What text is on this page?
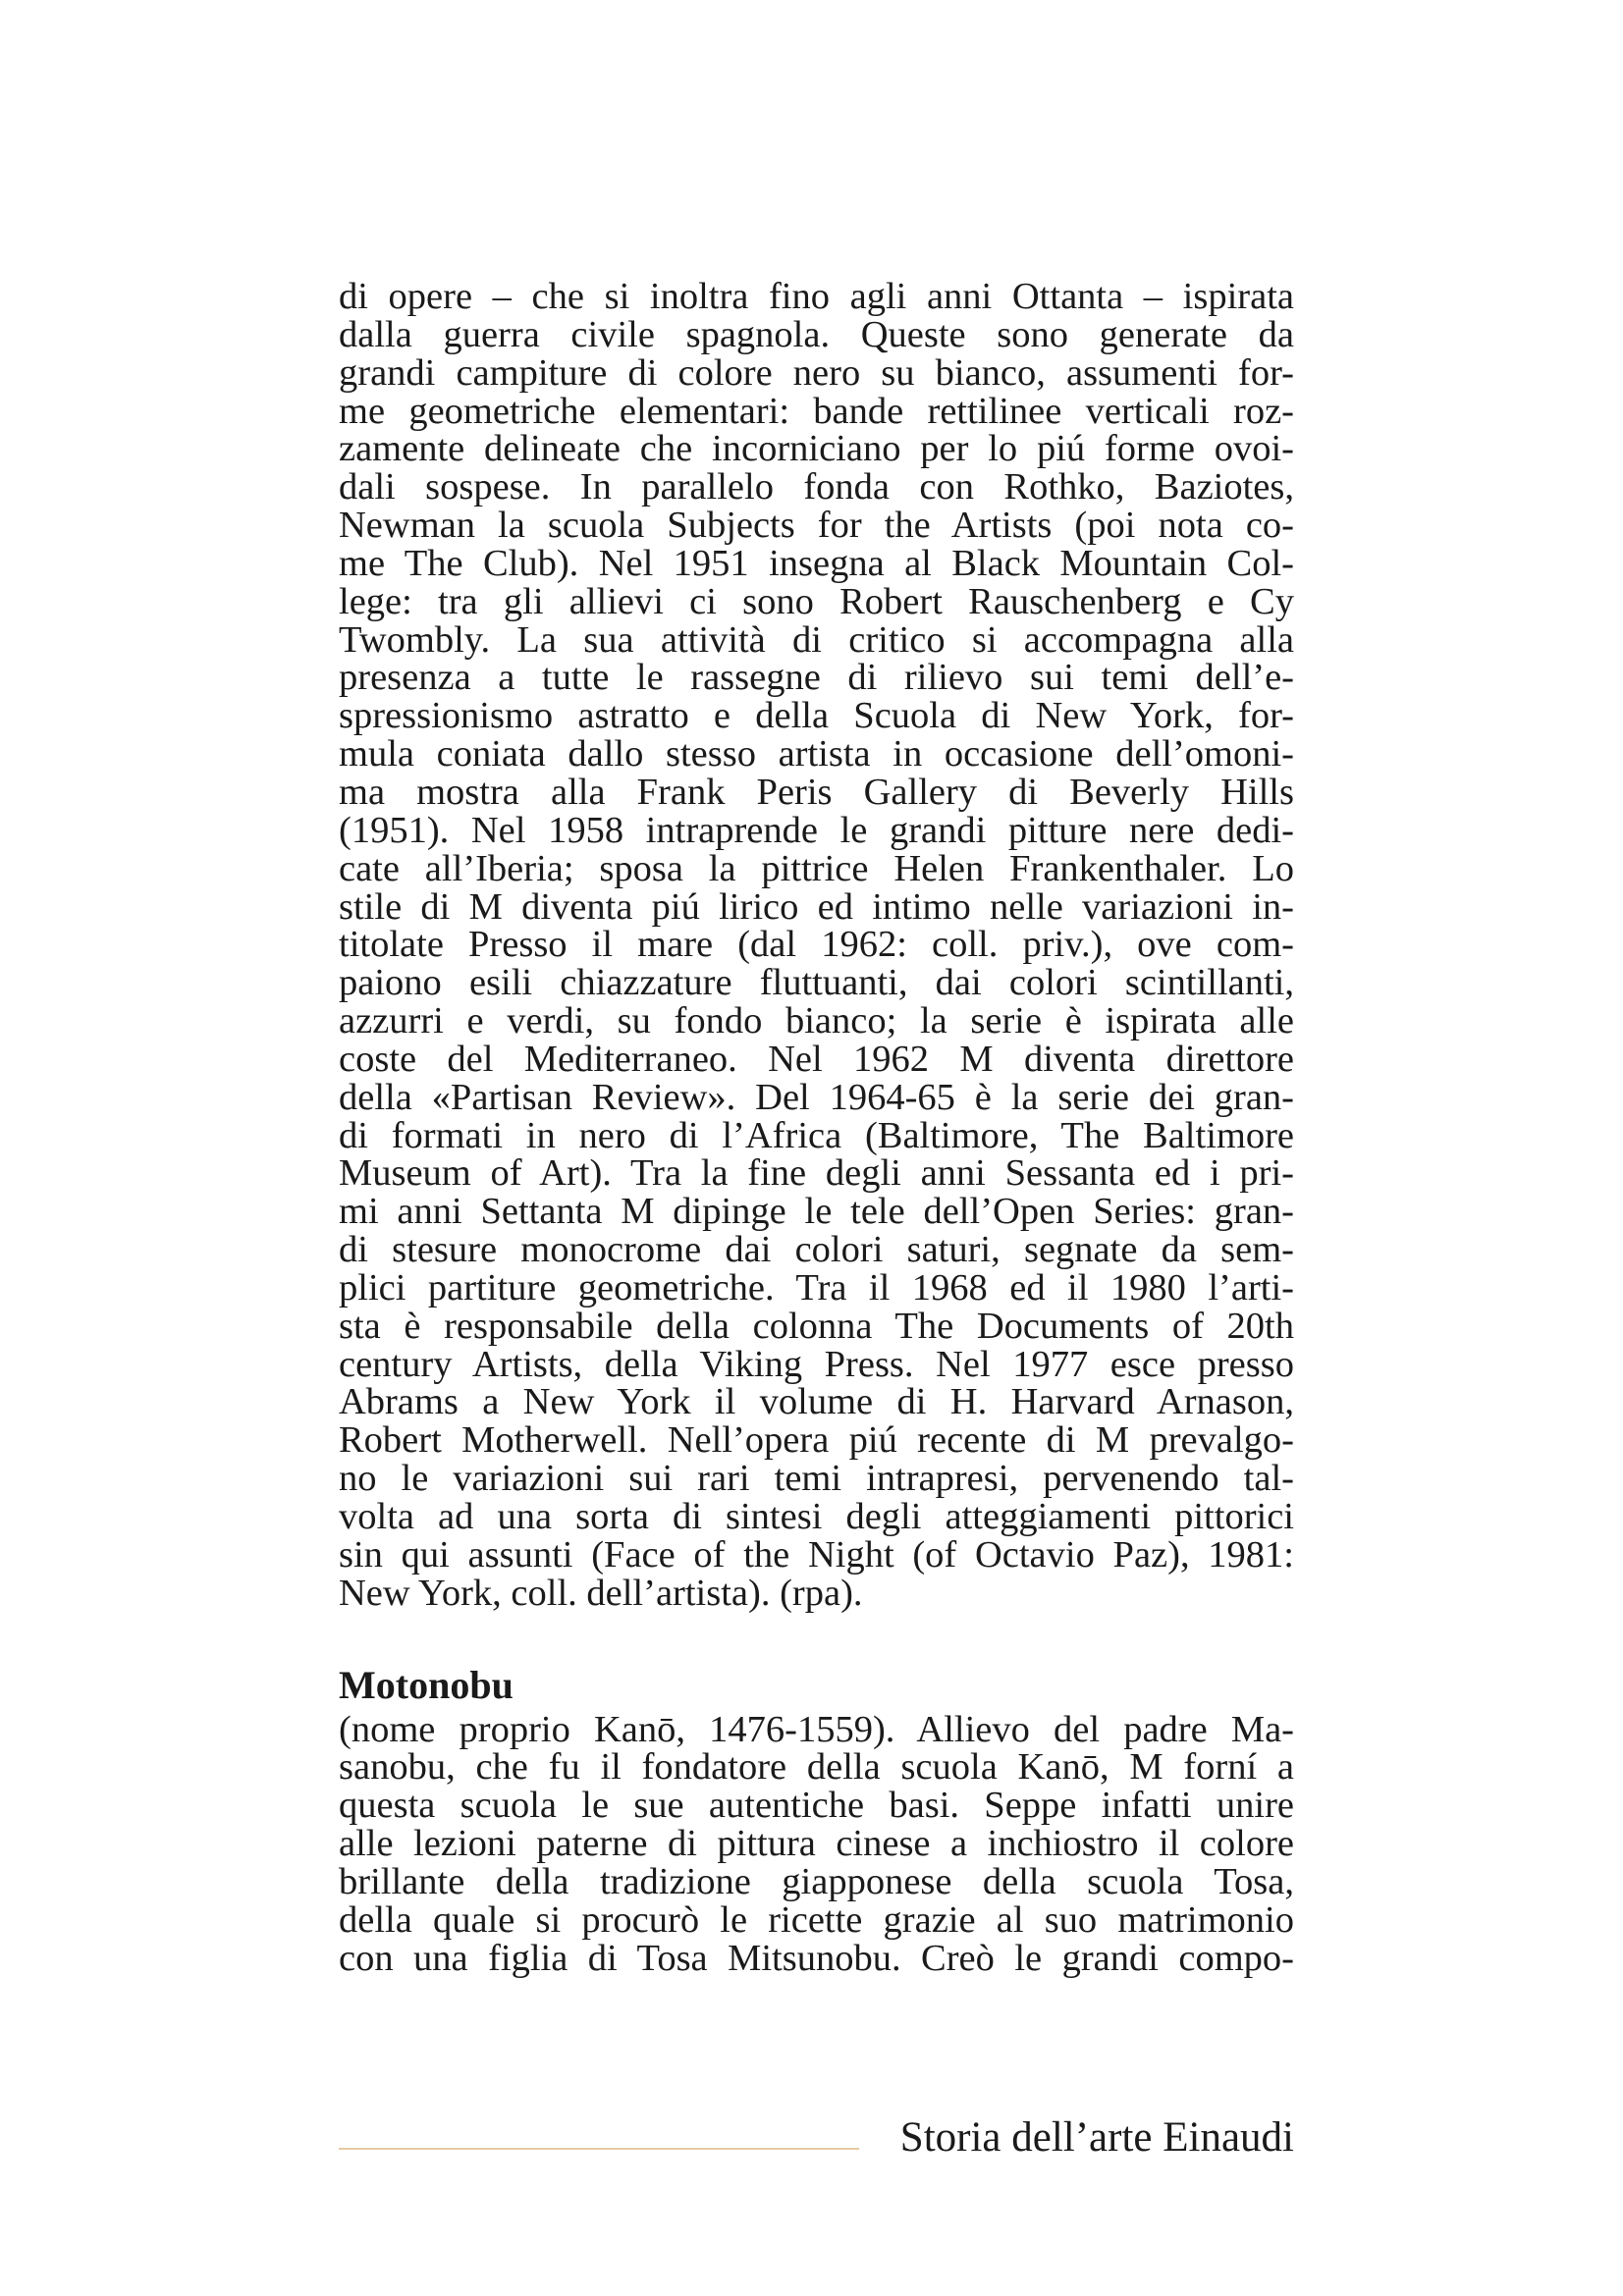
di opere – che si inoltra fino agli anni Ottanta – ispirata
dalla guerra civile spagnola. Queste sono generate da
grandi campiture di colore nero su bianco, assumenti for-
me geometriche elementari: bande rettilinee verticali roz-
zamente delineate che incorniciano per lo piú forme ovoi-
dali sospese. In parallelo fonda con Rothko, Baziotes,
Newman la scuola Subjects for the Artists (poi nota co-
me The Club). Nel 1951 insegna al Black Mountain Col-
lege: tra gli allievi ci sono Robert Rauschenberg e Cy
Twombly. La sua attività di critico si accompagna alla
presenza a tutte le rassegne di rilievo sui temi dell’e-
spressionismo astratto e della Scuola di New York, for-
mula coniata dallo stesso artista in occasione dell’omoni-
ma mostra alla Frank Peris Gallery di Beverly Hills
(1951). Nel 1958 intraprende le grandi pitture nere dedi-
cate all’Iberia; sposa la pittrice Helen Frankenthaler. Lo
stile di M diventa piú lirico ed intimo nelle variazioni in-
titolate Presso il mare (dal 1962: coll. priv.), ove com-
paiono esili chiazzature fluttuanti, dai colori scintillanti,
azzurri e verdi, su fondo bianco; la serie è ispirata alle
coste del Mediterraneo. Nel 1962 M diventa direttore
della «Partisan Review». Del 1964-65 è la serie dei gran-
di formati in nero di l’Africa (Baltimore, The Baltimore
Museum of Art). Tra la fine degli anni Sessanta ed i pri-
mi anni Settanta M dipinge le tele dell’Open Series: gran-
di stesure monocrome dai colori saturi, segnate da sem-
plici partiture geometriche. Tra il 1968 ed il 1980 l’arti-
sta è responsabile della colonna The Documents of 20th
century Artists, della Viking Press. Nel 1977 esce presso
Abrams a New York il volume di H. Harvard Arnason,
Robert Motherwell. Nell’opera piú recente di M prevalgo-
no le variazioni sui rari temi intrapresi, pervenendo tal-
volta ad una sorta di sintesi degli atteggiamenti pittorici
sin qui assunti (Face of the Night (of Octavio Paz), 1981:
New York, coll. dell’artista). (rpa).
Motonobu
(nome proprio Kanō, 1476-1559). Allievo del padre Ma-
sanobu, che fu il fondatore della scuola Kanō, M forní a
questa scuola le sue autentiche basi. Seppe infatti unire
alle lezioni paterne di pittura cinese a inchiostro il colore
brillante della tradizione giapponese della scuola Tosa,
della quale si procurò le ricette grazie al suo matrimonio
con una figlia di Tosa Mitsunobu. Creò le grandi compo-
Storia dell’arte Einaudi
